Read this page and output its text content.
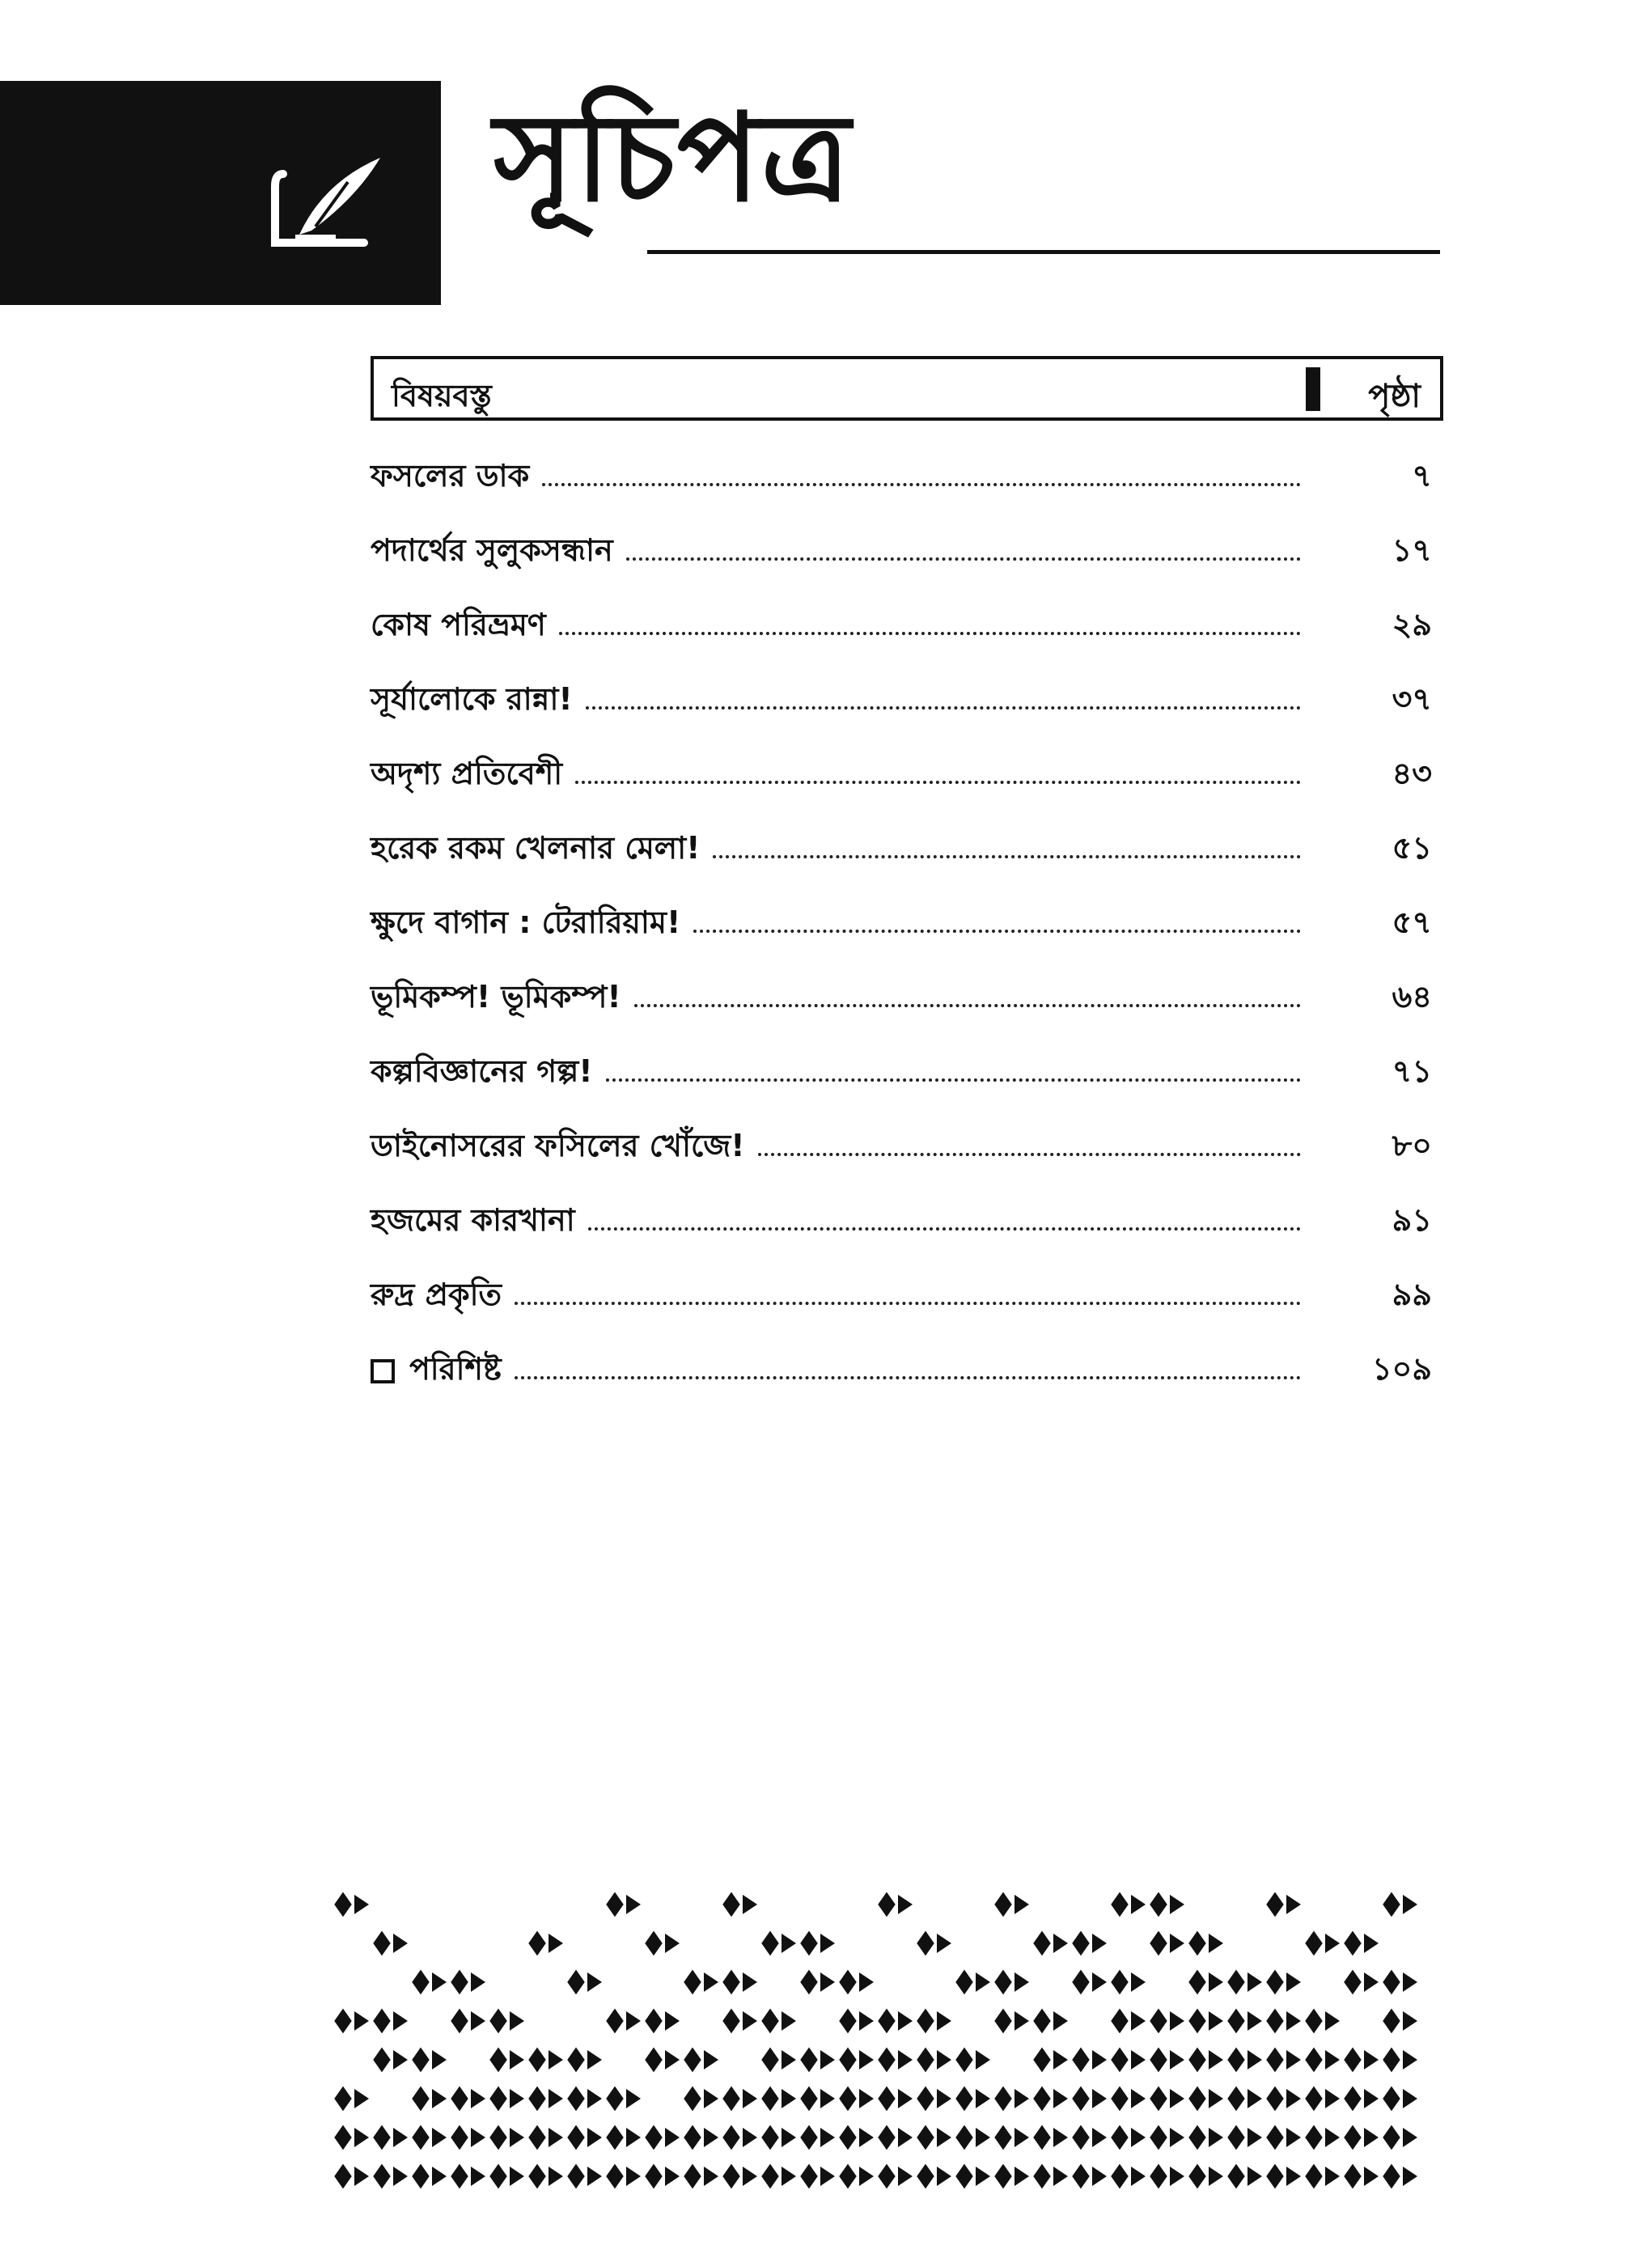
সূচিপত্র
বিষয়বস্তু	পৃষ্ঠা
ফসলের ডাক	৭
পদার্থের সুলুকসন্ধান	১৭
কোষ পরিভ্রমণ	২৯
সূর্যালোকে রান্না!	৩৭
অদৃশ্য প্রতিবেশী	৪৩
হরেক রকম খেলনার মেলা!	৫১
ক্ষুদে বাগান : টেরারিয়াম!	৫৭
ভূমিকম্প! ভূমিকম্প!	৬৪
কল্পবিজ্ঞানের গল্প!	৭১
ডাইনোসরের ফসিলের খোঁজে!	৮০
হজমের কারখানা	৯১
রুদ্র প্রকৃতি	৯৯
পরিশিষ্ট	১০৯
